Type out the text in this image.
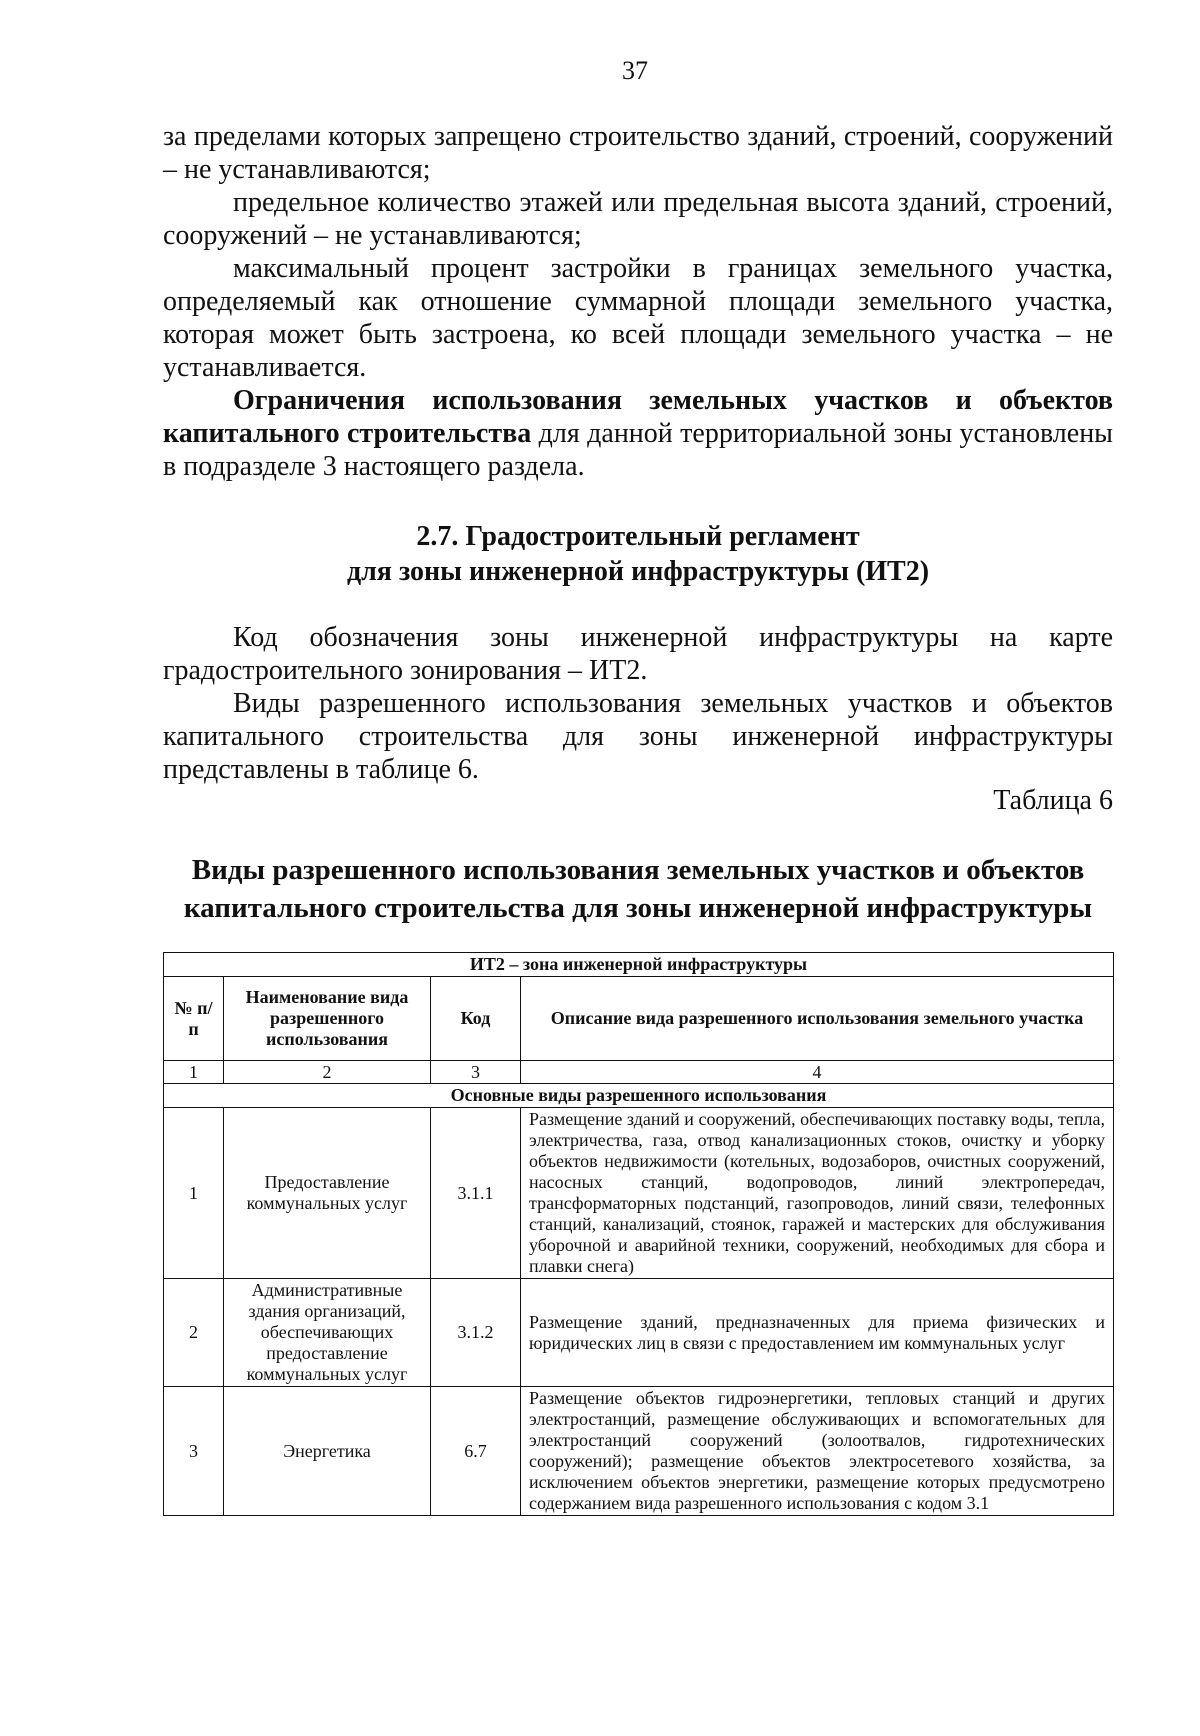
37

за пределами которых запрещено строительство зданий, строений, сооружений – не устанавливаются;

предельное количество этажей или предельная высота зданий, строений, сооружений – не устанавливаются;

максимальный процент застройки в границах земельного участка, определяемый как отношение суммарной площади земельного участка, которая может быть застроена, ко всей площади земельного участка – не устанавливается.

Ограничения использования земельных участков и объектов капитального строительства для данной территориальной зоны установлены в подразделе 3 настоящего раздела.

2.7. Градостроительный регламент
для зоны инженерной инфраструктуры (ИТ2)

Код обозначения зоны инженерной инфраструктуры на карте градостроительного зонирования – ИТ2.

Виды разрешенного использования земельных участков и объектов капитального строительства для зоны инженерной инфраструктуры представлены в таблице 6.

Таблица 6
Виды разрешенного использования земельных участков и объектов
капитального строительства для зоны инженерной инфраструктуры
ИТ2 – зона инженерной инфраструктуры			
№ п/п	Наименование вида разрешенного использования	Код	Описание вида разрешенного использования земельного участка
1	2	3	4
Основные виды разрешенного использования			
1	Предоставление коммунальных услуг	3.1.1	Размещение зданий и сооружений, обеспечивающих поставку воды, тепла, электричества, газа, отвод канализационных стоков, очистку и уборку объектов недвижимости (котельных, водозаборов, очистных сооружений, насосных станций, водопроводов, линий электропередач, трансформаторных подстанций, газопроводов, линий связи, телефонных станций, канализаций, стоянок, гаражей и мастерских для обслуживания уборочной и аварийной техники, сооружений, необходимых для сбора и плавки снега)
2	Административные здания организаций, обеспечивающих предоставление коммунальных услуг	3.1.2	Размещение зданий, предназначенных для приема физических и юридических лиц в связи с предоставлением им коммунальных услуг
3	Энергетика	6.7	Размещение объектов гидроэнергетики, тепловых станций и других электростанций, размещение обслуживающих и вспомогательных для электростанций сооружений (золоотвалов, гидротехнических сооружений); размещение объектов электросетевого хозяйства, за исключением объектов энергетики, размещение которых предусмотрено содержанием вида разрешенного использования с кодом 3.1
